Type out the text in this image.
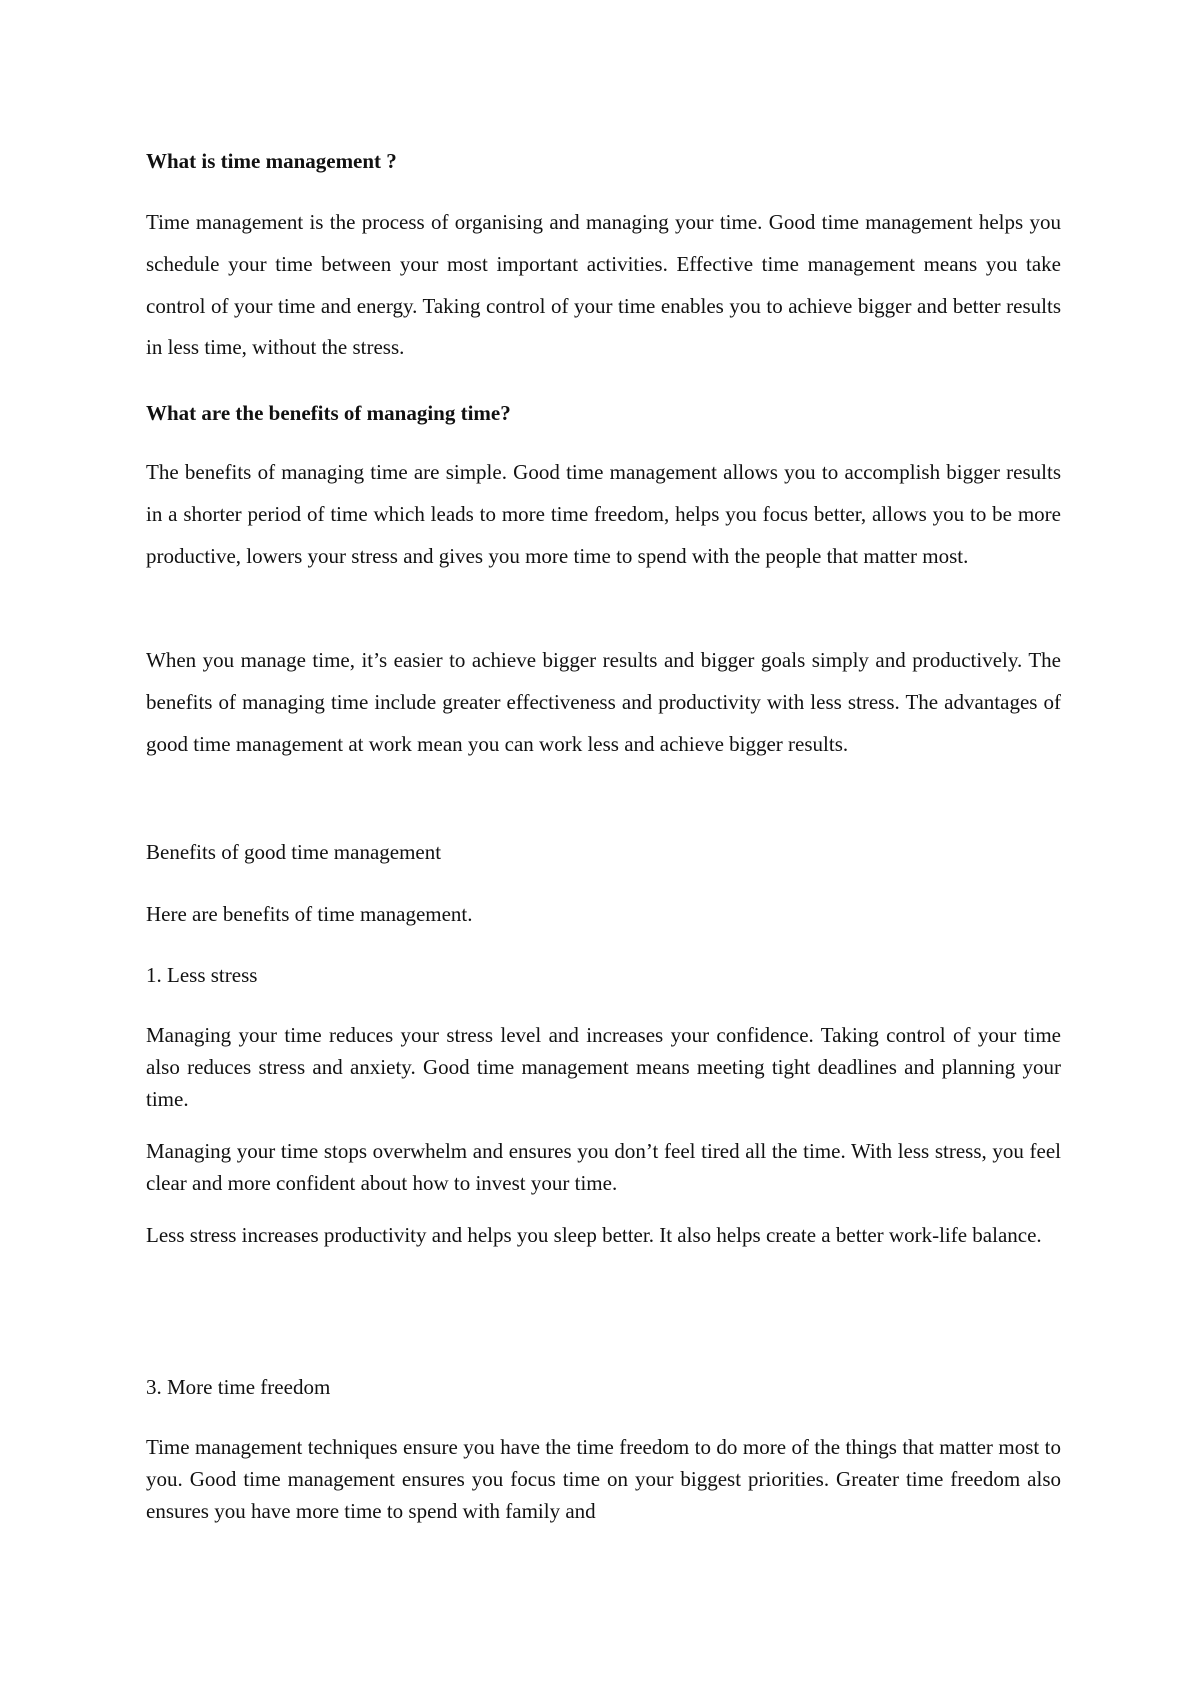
What is time management ?

Time management is the process of organising and managing your time. Good time management helps you schedule your time between your most important activities. Effective time management means you take control of your time and energy. Taking control of your time enables you to achieve bigger and better results in less time, without the stress.

What are the benefits of managing time?

The benefits of managing time are simple. Good time management allows you to accomplish bigger results in a shorter period of time which leads to more time freedom, helps you focus better, allows you to be more productive, lowers your stress and gives you more time to spend with the people that matter most.

When you manage time, it’s easier to achieve bigger results and bigger goals simply and productively. The benefits of managing time include greater effectiveness and productivity with less stress. The advantages of good time management at work mean you can work less and achieve bigger results.

Benefits of good time management

Here are benefits of time management.

1. Less stress

Managing your time reduces your stress level and increases your confidence. Taking control of your time also reduces stress and anxiety. Good time management means meeting tight deadlines and planning your time.

Managing your time stops overwhelm and ensures you don’t feel tired all the time. With less stress, you feel clear and more confident about how to invest your time.

Less stress increases productivity and helps you sleep better. It also helps create a better work-life balance.

3. More time freedom

Time management techniques ensure you have the time freedom to do more of the things that matter most to you. Good time management ensures you focus time on your biggest priorities. Greater time freedom also ensures you have more time to spend with family and
